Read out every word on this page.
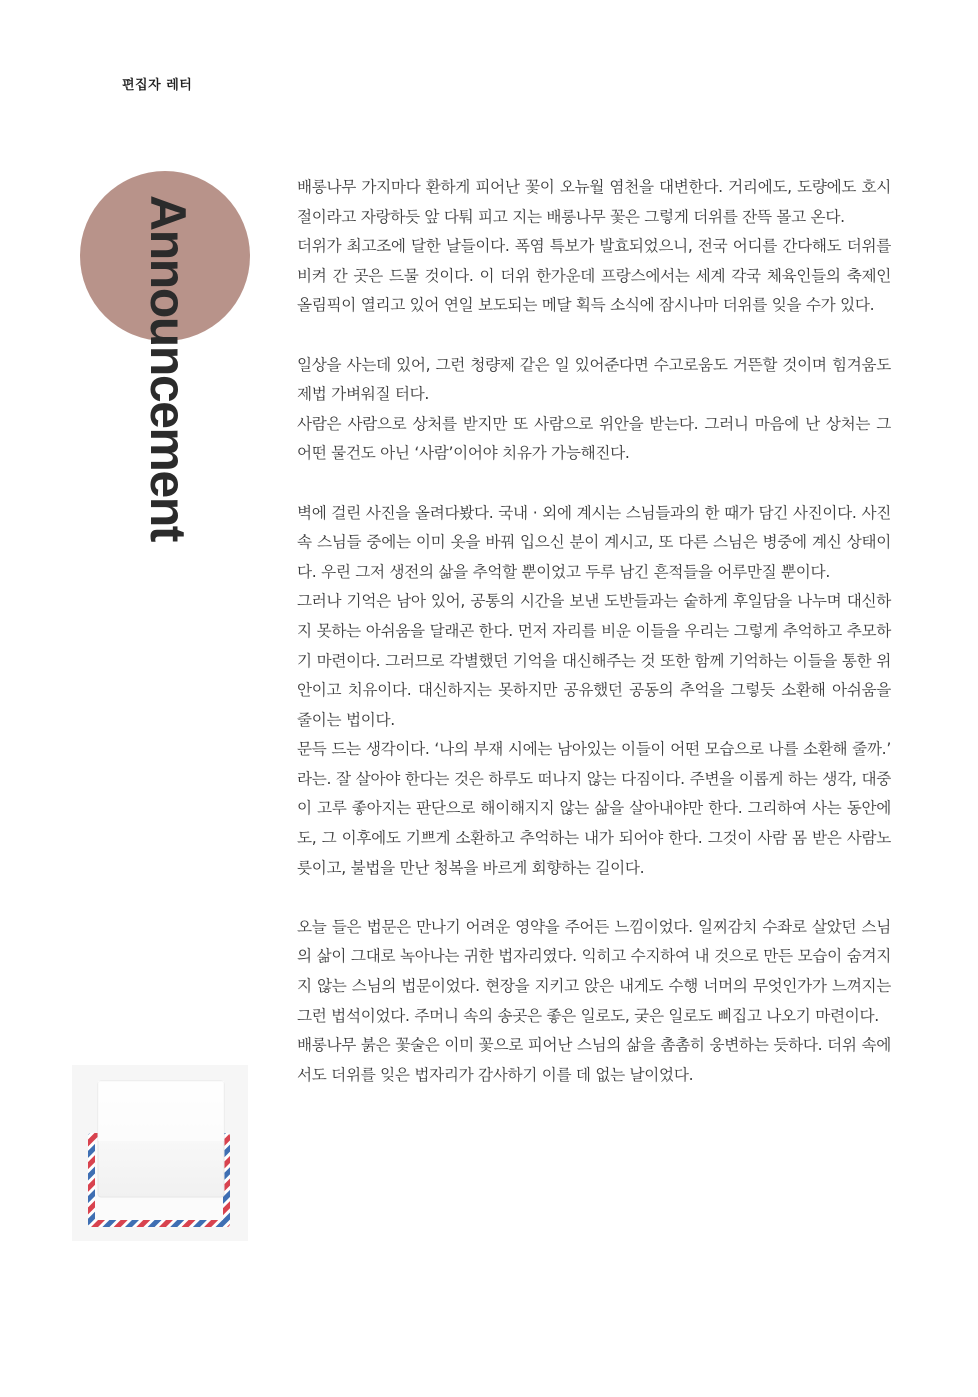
편집자 레터
Announcement

배롱나무 가지마다 환하게 피어난 꽃이 오뉴월 염천을 대변한다. 거리에도, 도량에도 호시절이라고 자랑하듯 앞 다퉈 피고 지는 배롱나무 꽃은 그렇게 더위를 잔뜩 몰고 온다.

더위가 최고조에 달한 날들이다. 폭염 특보가 발효되었으니, 전국 어디를 간다해도 더위를 비켜 간 곳은 드물 것이다. 이 더위 한가운데 프랑스에서는 세계 각국 체육인들의 축제인 올림픽이 열리고 있어 연일 보도되는 메달 획득 소식에 잠시나마 더위를 잊을 수가 있다.

일상을 사는데 있어, 그런 청량제 같은 일 있어준다면 수고로움도 거뜬할 것이며 힘겨움도 제법 가벼워질 터다.

사람은 사람으로 상처를 받지만 또 사람으로 위안을 받는다. 그러니 마음에 난 상처는 그 어떤 물건도 아닌 ‘사람’이어야 치유가 가능해진다.

벽에 걸린 사진을 올려다봤다. 국내 · 외에 계시는 스님들과의 한 때가 담긴 사진이다. 사진 속 스님들 중에는 이미 옷을 바꿔 입으신 분이 계시고, 또 다른 스님은 병중에 계신 상태이다. 우린 그저 생전의 삶을 추억할 뿐이었고 두루 남긴 흔적들을 어루만질 뿐이다.

그러나 기억은 남아 있어, 공통의 시간을 보낸 도반들과는 숱하게 후일담을 나누며 대신하지 못하는 아쉬움을 달래곤 한다. 먼저 자리를 비운 이들을 우리는 그렇게 추억하고 추모하기 마련이다. 그러므로 각별했던 기억을 대신해주는 것 또한 함께 기억하는 이들을 통한 위안이고 치유이다. 대신하지는 못하지만 공유했던 공동의 추억을 그렇듯 소환해 아쉬움을 줄이는 법이다.

문득 드는 생각이다. ‘나의 부재 시에는 남아있는 이들이 어떤 모습으로 나를 소환해 줄까.’ 라는. 잘 살아야 한다는 것은 하루도 떠나지 않는 다짐이다. 주변을 이롭게 하는 생각, 대중이 고루 좋아지는 판단으로 해이해지지 않는 삶을 살아내야만 한다. 그리하여 사는 동안에도, 그 이후에도 기쁘게 소환하고 추억하는 내가 되어야 한다. 그것이 사람 몸 받은 사람노릇이고, 불법을 만난 청복을 바르게 회향하는 길이다.

오늘 들은 법문은 만나기 어려운 영약을 주어든 느낌이었다. 일찌감치 수좌로 살았던 스님의 삶이 그대로 녹아나는 귀한 법자리였다. 익히고 수지하여 내 것으로 만든 모습이 숨겨지지 않는 스님의 법문이었다. 현장을 지키고 앉은 내게도 수행 너머의 무엇인가가 느껴지는 그런 법석이었다. 주머니 속의 송곳은 좋은 일로도, 궂은 일로도 삐집고 나오기 마련이다.

배롱나무 붉은 꽃술은 이미 꽃으로 피어난 스님의 삶을 촘촘히 웅변하는 듯하다. 더위 속에서도 더위를 잊은 법자리가 감사하기 이를 데 없는 날이었다.
